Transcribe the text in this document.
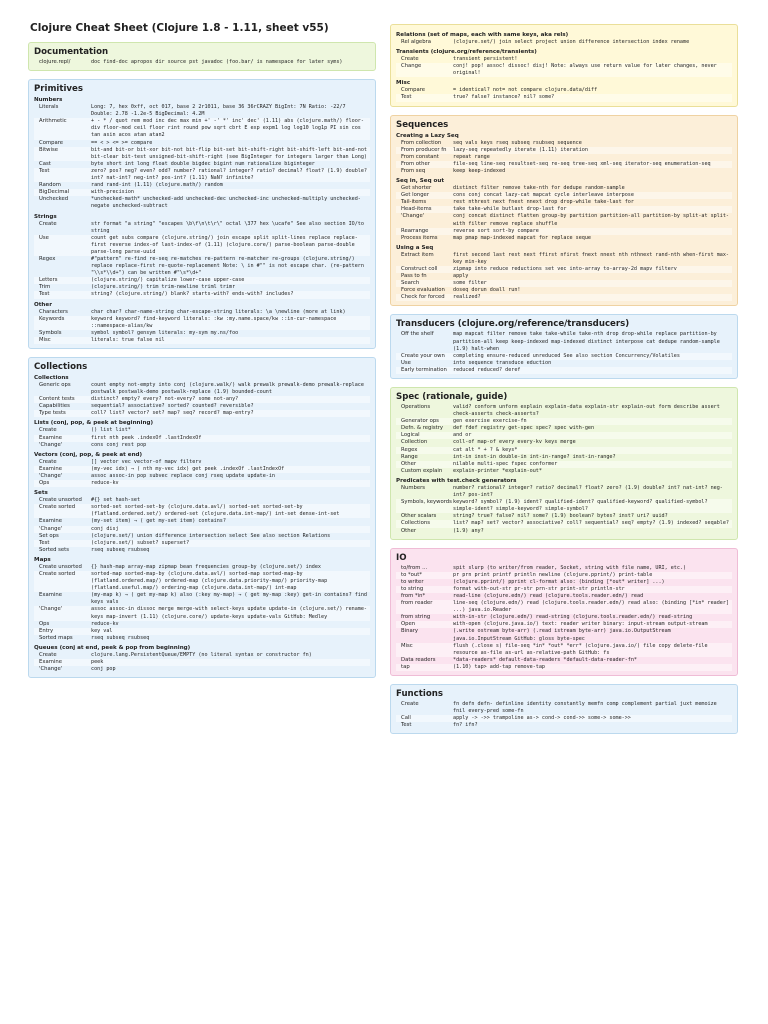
Clojure Cheat Sheet (Clojure 1.8 - 1.11, sheet v55)
Documentation
clojure.repl/	doc find-doc apropos dir source pst javadoc (foo.bar/ is namespace for later syms)
Primitives
Numbers
Literals	Long: 7, hex 0xff, oct 017, base 2 2r1011, base 36 36rCRAZY BigInt: 7N Ratio: -22/7 Double: 2.78 -1.2e-5 BigDecimal: 4.2M
Arithmetic	+ - * / quot rem mod inc dec max min +' -' *' inc' dec' (1.11) abs (clojure.math/) floor-div floor-mod ceil floor rint round pow sqrt cbrt E exp expm1 log log10 log1p PI sin cos tan asin acos atan atan2
Compare	== < > <= >= compare
Bitwise	bit-and bit-or bit-xor bit-not bit-flip bit-set bit-shift-right bit-shift-left bit-and-not bit-clear bit-test unsigned-bit-shift-right (see BigInteger for integers larger than Long)
Cast	byte short int long float double bigdec bigint num rationalize biginteger
Test	zero? pos? neg? even? odd? number? rational? integer? ratio? decimal? float? (1.9) double? int? nat-int? neg-int? pos-int? (1.11) NaN? infinite?
Random	rand rand-int (1.11) (clojure.math/) random
BigDecimal	with-precision
Unchecked	*unchecked-math* unchecked-add unchecked-dec unchecked-inc unchecked-multiply unchecked-negate unchecked-subtract
Strings
Create	str format "a string" "escapes \b\f\n\t\r\" octal \377 hex \ucafe" See also section IO/to string
Use	count get subs compare (clojure.string/) join escape split split-lines replace replace-first reverse index-of last-index-of (1.11) (clojure.core/) parse-boolean parse-double parse-long parse-uuid
Regex	#"pattern" re-find re-seq re-matches re-pattern re-matcher re-groups (clojure.string/) replace replace-first re-quote-replacement Note: \ in #"" is not escape char. (re-pattern "\\s*\\d+") can be written #"\s*\d+"
Letters	(clojure.string/) capitalize lower-case upper-case
Trim	(clojure.string/) trim trim-newline triml trimr
Test	string? (clojure.string/) blank? starts-with? ends-with? includes?
Other
Characters	char char? char-name-string char-escape-string literals: \a \newline (more at link)
Keywords	keyword keyword? find-keyword literals: :kw :my.name.space/kw ::in-cur-namespace ::namespace-alias/kw
Symbols	symbol symbol? gensym literals: my-sym my.ns/foo
Misc	literals: true false nil
Collections
Collections
Generic ops	count empty not-empty into conj (clojure.walk/) walk prewalk prewalk-demo prewalk-replace postwalk postwalk-demo postwalk-replace (1.9) bounded-count
Content tests	distinct? empty? every? not-every? some not-any?
Capabilities	sequential? associative? sorted? counted? reversible?
Type tests	coll? list? vector? set? map? seq? record? map-entry?
Lists (conj, pop, & peek at beginning)
Create	() list list*
Examine	first nth peek .indexOf .lastIndexOf
'Change'	cons conj rest pop
Vectors (conj, pop, & peek at end)
Create	[] vector vec vector-of mapv filterv
Examine	(my-vec idx) → ( nth my-vec idx) get peek .indexOf .lastIndexOf
'Change'	assoc assoc-in pop subvec replace conj rseq update update-in
Ops	reduce-kv
Sets
Create unsorted	#{} set hash-set
Create sorted	sorted-set sorted-set-by (clojure.data.avl/) sorted-set sorted-set-by (flatland.ordered.set/) ordered-set (clojure.data.int-map/) int-set dense-int-set
Examine	(my-set item) → ( get my-set item) contains?
'Change'	conj disj
Set ops	(clojure.set/) union difference intersection select See also section Relations
Test	(clojure.set/) subset? superset?
Sorted sets	rseq subseq rsubseq
Maps
Create unsorted	{} hash-map array-map zipmap bean frequencies group-by (clojure.set/) index
Create sorted	sorted-map sorted-map-by (clojure.data.avl/) sorted-map sorted-map-by (flatland.ordered.map/) ordered-map (clojure.data.priority-map/) priority-map (flatland.useful.map/) ordering-map (clojure.data.int-map/) int-map
Examine	(my-map k) → ( get my-map k) also (:key my-map) → ( get my-map :key) get-in contains? find keys vals
'Change'	assoc assoc-in dissoc merge merge-with select-keys update update-in (clojure.set/) rename-keys map-invert (1.11) (clojure.core/) update-keys update-vals GitHub: Medley
Ops	reduce-kv
Entry	key val
Sorted maps	rseq subseq rsubseq
Queues (conj at end, peek & pop from beginning)
Create	clojure.lang.PersistentQueue/EMPTY (no literal syntax or constructor fn)
Examine	peek
'Change'	conj pop
Relations (set of maps, each with same keys, aka rels)
Rel algebra	(clojure.set/) join select project union difference intersection index rename
Transients (clojure.org/reference/transients)
Create	transient persistent!
Change	conj! pop! assoc! dissoc! disj! Note: always use return value for later changes, never original!
Misc
Compare	= identical? not= not compare clojure.data/diff
Test	true? false? instance? nil? some?
Sequences
Creating a Lazy Seq
From collection	seq vals keys rseq subseq rsubseq sequence
From producer fn	lazy-seq repeatedly iterate (1.11) iteration
From constant	repeat range
From other	file-seq line-seq resultset-seq re-seq tree-seq xml-seq iterator-seq enumeration-seq
From seq	keep keep-indexed
Seq in, Seq out
Get shorter	distinct filter remove take-nth for dedupe random-sample
Get longer	cons conj concat lazy-cat mapcat cycle interleave interpose
Tail-items	rest nthrest next fnext nnext drop drop-while take-last for
Head-items	take take-while butlast drop-last for
'Change'	conj concat distinct flatten group-by partition partition-all partition-by split-at split-with filter remove replace shuffle
Rearrange	reverse sort sort-by compare
Process items	map pmap map-indexed mapcat for replace seque
Using a Seq
Extract item	first second last rest next ffirst nfirst fnext nnext nth nthnext rand-nth when-first max-key min-key
Construct coll	zipmap into reduce reductions set vec into-array to-array-2d mapv filterv
Pass to fn	apply
Search	some filter
Force evaluation	doseq dorun doall run!
Check for forced	realized?
Transducers (clojure.org/reference/transducers)
Off the shelf	map mapcat filter remove take take-while take-nth drop drop-while replace partition-by partition-all keep keep-indexed map-indexed distinct interpose cat dedupe random-sample (1.9) halt-when
Create your own	completing ensure-reduced unreduced See also section Concurrency/Volatiles
Use	into sequence transduce eduction
Early termination	reduced reduced? deref
Spec (rationale, guide)
Operations	valid? conform unform explain explain-data explain-str explain-out form describe assert check-asserts check-asserts?
Generator ops	gen exercise exercise-fn
Defn. & registry	def fdef registry get-spec spec? spec with-gen
Logical	and or
Collection	coll-of map-of every every-kv keys merge
Regex	cat alt * + ? & keys*
Range	int-in inst-in double-in int-in-range? inst-in-range?
Other	nilable multi-spec fspec conformer
Custom explain	explain-printer *explain-out*
Predicates with test.check generators
Numbers	number? rational? integer? ratio? decimal? float? zero? (1.9) double? int? nat-int? neg-int? pos-int?
Symbols, keywords keyword? symbol? (1.9) ident? qualified-ident? qualified-keyword? qualified-symbol? simple-ident? simple-keyword? simple-symbol?
Other scalars	string? true? false? nil? some? (1.9) boolean? bytes? inst? uri? uuid?
Collections	list? map? set? vector? associative? coll? sequential? seq? empty? (1.9) indexed? seqable?
Other	(1.9) any?
IO
to/from ...	spit slurp (to writer/from reader, Socket, string with file name, URI, etc.)
to *out*	pr prn print printf println newline (clojure.pprint/) print-table
to writer	(clojure.pprint/) pprint cl-format also: (binding [*out* writer] ...)
to string	format with-out-str pr-str prn-str print-str println-str
from *in*	read-line (clojure.edn/) read (clojure.tools.reader.edn/) read
from reader	line-seq (clojure.edn/) read (clojure.tools.reader.edn/) read also: (binding [*in* reader] ...) java.io.Reader
from string	with-in-str (clojure.edn/) read-string (clojure.tools.reader.edn/) read-string
Open	with-open (clojure.java.io/) text: reader writer binary: input-stream output-stream
Binary	(.write ostream byte-arr) (.read istream byte-arr) java.io.OutputStream java.io.InputStream GitHub: gloss byte-spec
Misc	flush (.close s) file-seq *in* *out* *err* (clojure.java.io/) file copy delete-file resource as-file as-url as-relative-path GitHub: fs
Data readers	*data-readers* default-data-readers *default-data-reader-fn*
tap	(1.10) tap> add-tap remove-tap
Functions
Create	fn defn defn- definline identity constantly memfn comp complement partial juxt memoize fnil every-pred some-fn
Call	apply -> ->> trampoline as-> cond-> cond->> some-> some->>
Test	fn? ifn?
